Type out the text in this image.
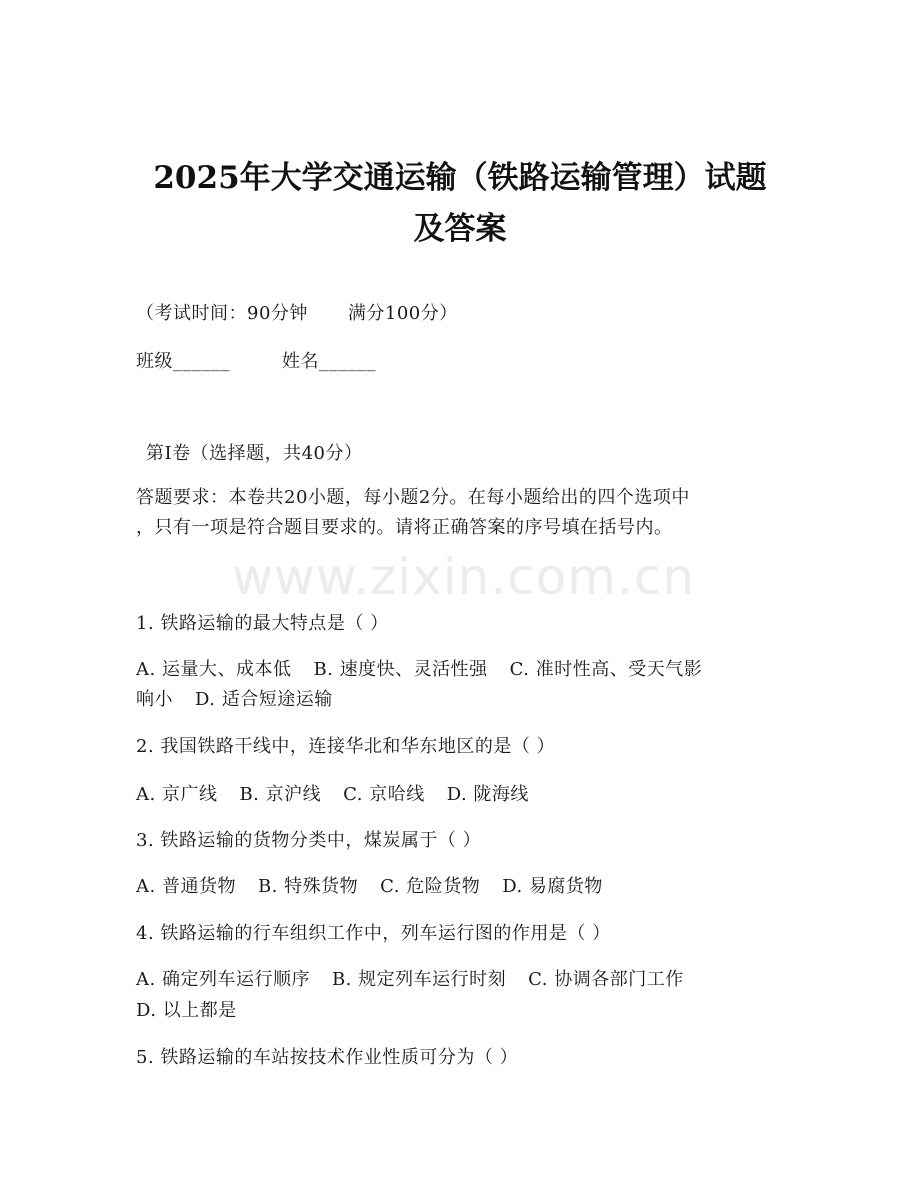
2025年大学交通运输（铁路运输管理）试题
及答案
（考试时间：90分钟 满分100分）
班级______	姓名______
第Ⅰ卷（选择题，共40分）
答题要求：本卷共20小题，每小题2分。在每小题给出的四个选项中
，只有一项是符合题目要求的。请将正确答案的序号填在括号内。
www.zixin.com.cn
1. 铁路运输的最大特点是（ ）
A. 运量大、成本低 B. 速度快、灵活性强 C. 准时性高、受天气影
响小 D. 适合短途运输
2. 我国铁路干线中，连接华北和华东地区的是（ ）
A. 京广线 B. 京沪线 C. 京哈线 D. 陇海线
3. 铁路运输的货物分类中，煤炭属于（ ）
A. 普通货物 B. 特殊货物 C. 危险货物 D. 易腐货物
4. 铁路运输的行车组织工作中，列车运行图的作用是（ ）
A. 确定列车运行顺序 B. 规定列车运行时刻 C. 协调各部门工作
D. 以上都是
5. 铁路运输的车站按技术作业性质可分为（ ）
